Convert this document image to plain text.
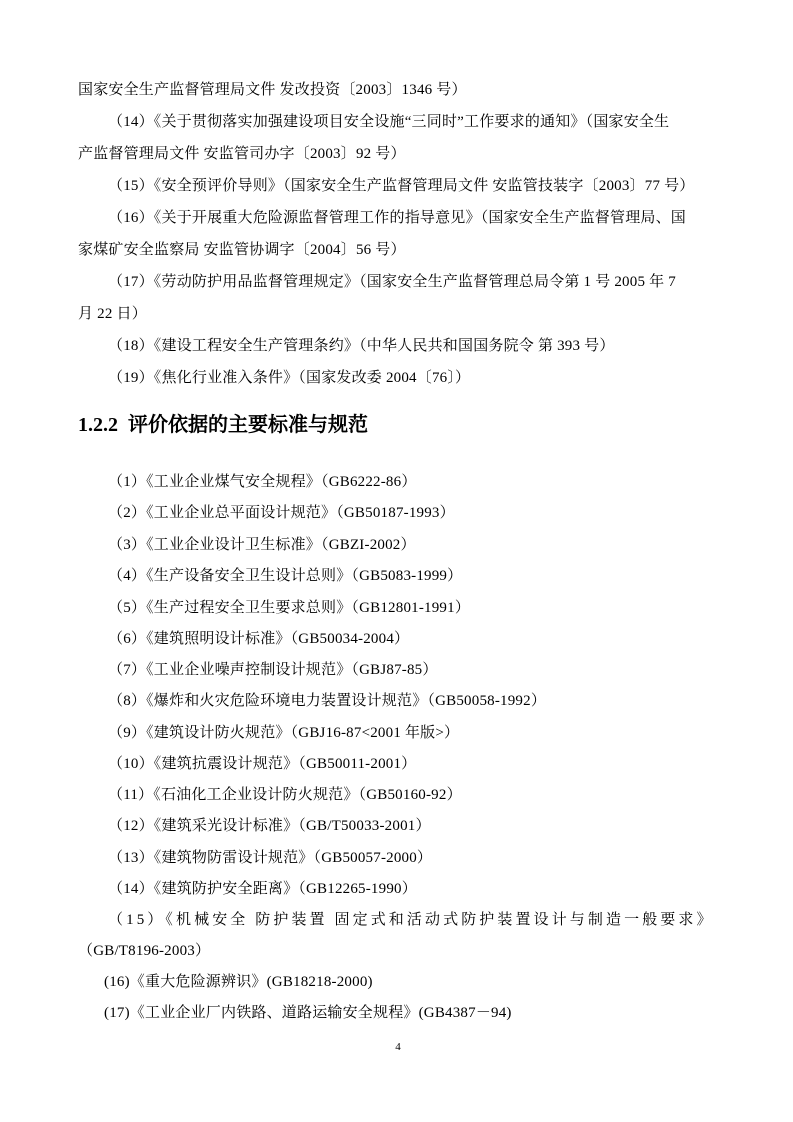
国家安全生产监督管理局文件 发改投资〔2003〕1346 号）
（14）《关于贯彻落实加强建设项目安全设施“三同时”工作要求的通知》（国家安全生
产监督管理局文件 安监管司办字〔2003〕92 号）
（15）《安全预评价导则》（国家安全生产监督管理局文件 安监管技装字〔2003〕77 号）
（16）《关于开展重大危险源监督管理工作的指导意见》（国家安全生产监督管理局、国
家煤矿安全监察局 安监管协调字〔2004〕56 号）
（17）《劳动防护用品监督管理规定》（国家安全生产监督管理总局令第 1 号 2005 年 7
月 22 日）
（18）《建设工程安全生产管理条约》（中华人民共和国国务院令 第 393 号）
（19）《焦化行业准入条件》（国家发改委 2004〔76〕）
1.2.2 评价依据的主要标准与规范
（1）《工业企业煤气安全规程》（GB6222-86）
（2）《工业企业总平面设计规范》（GB50187-1993）
（3）《工业企业设计卫生标准》（GBZI-2002）
（4）《生产设备安全卫生设计总则》（GB5083-1999）
（5）《生产过程安全卫生要求总则》（GB12801-1991）
（6）《建筑照明设计标准》（GB50034-2004）
（7）《工业企业噪声控制设计规范》（GBJ87-85）
（8）《爆炸和火灾危险环境电力装置设计规范》（GB50058-1992）
（9）《建筑设计防火规范》（GBJ16-87<2001 年版>）
（10）《建筑抗震设计规范》（GB50011-2001）
（11）《石油化工企业设计防火规范》（GB50160-92）
（12）《建筑采光设计标准》（GB/T50033-2001）
（13）《建筑物防雷设计规范》（GB50057-2000）
（14）《建筑防护安全距离》（GB12265-1990）
（15）《机械安全 防护装置 固定式和活动式防护装置设计与制造一般要求》
（GB/T8196-2003）
(16)《重大危险源辨识》(GB18218-2000)
(17)《工业企业厂内铁路、道路运输安全规程》(GB4387－94)
4
